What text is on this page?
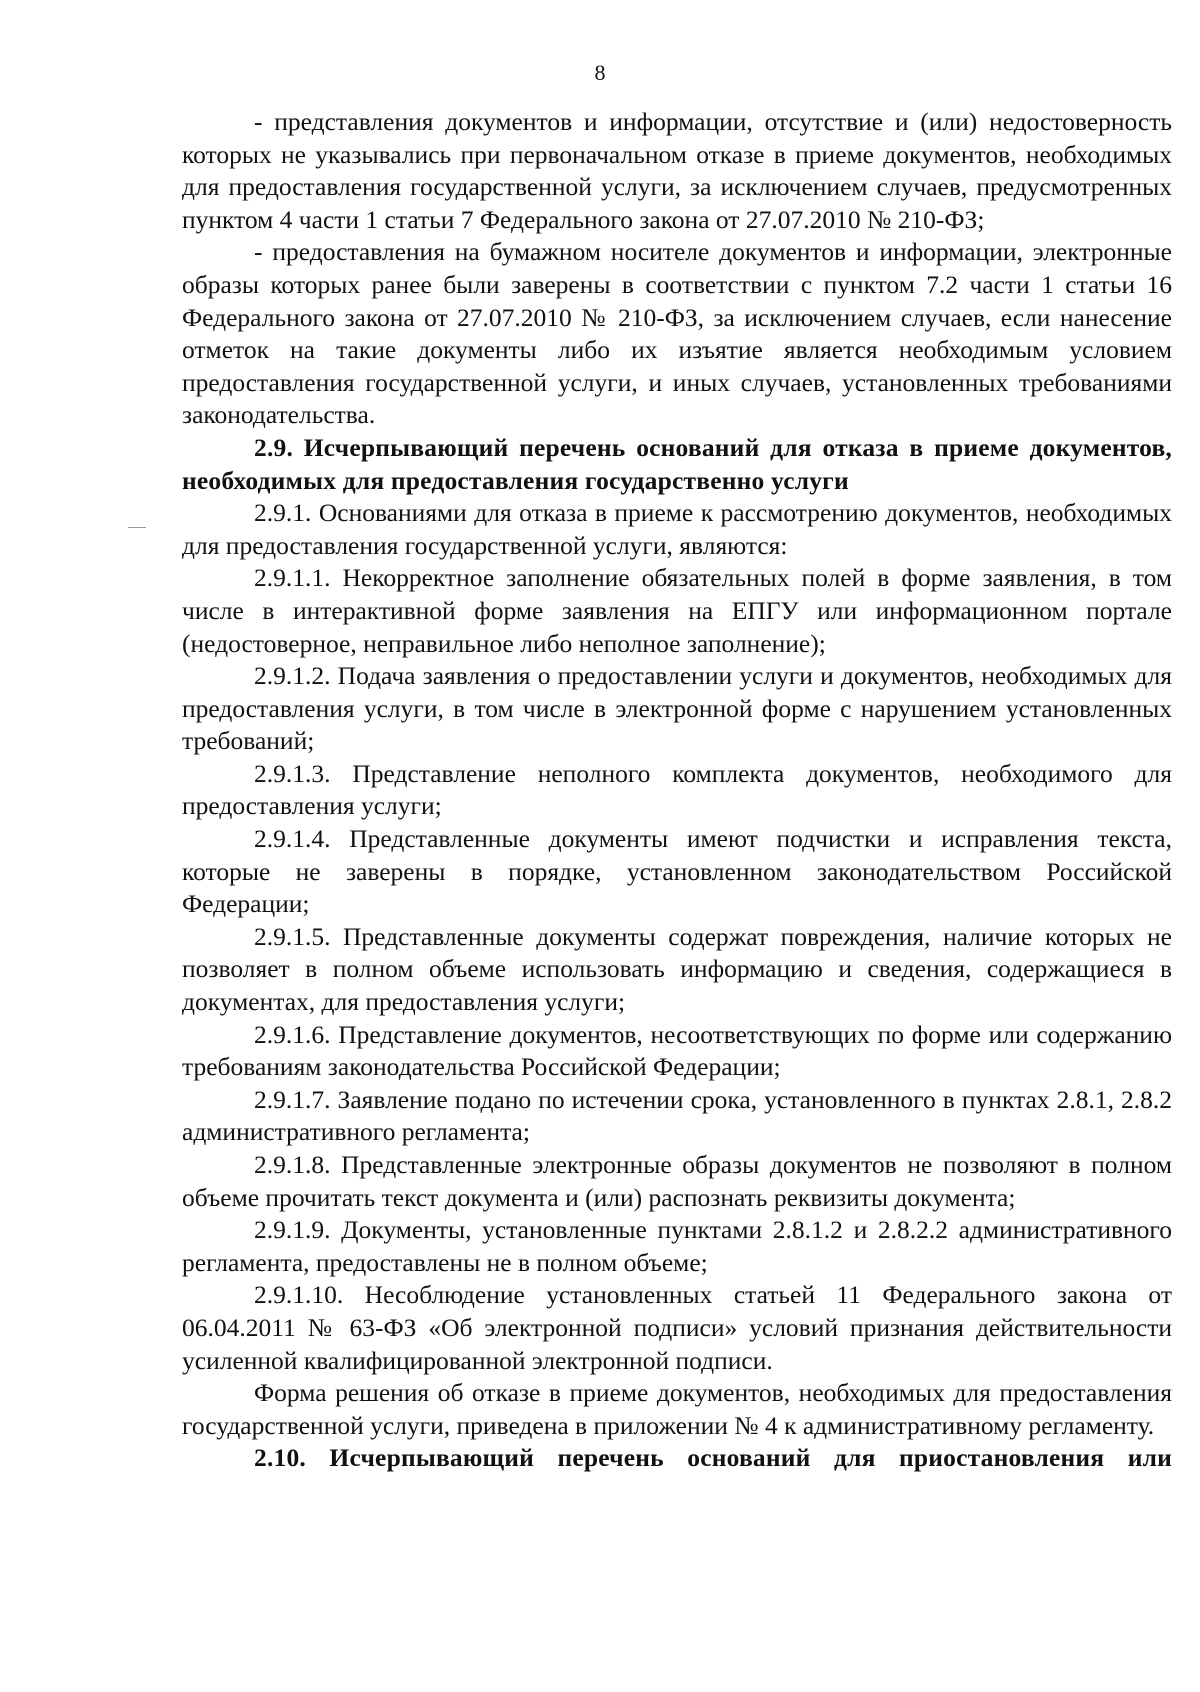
8

- представления документов и информации, отсутствие и (или) недостоверность которых не указывались при первоначальном отказе в приеме документов, необходимых для предоставления государственной услуги, за исключением случаев, предусмотренных пунктом 4 части 1 статьи 7 Федерального закона от 27.07.2010 № 210-ФЗ;

- предоставления на бумажном носителе документов и информации, электронные образы которых ранее были заверены в соответствии с пунктом 7.2 части 1 статьи 16 Федерального закона от 27.07.2010 № 210-ФЗ, за исключением случаев, если нанесение отметок на такие документы либо их изъятие является необходимым условием предоставления государственной услуги, и иных случаев, установленных требованиями законодательства.

2.9. Исчерпывающий перечень оснований для отказа в приеме документов, необходимых для предоставления государственно услуги

2.9.1. Основаниями для отказа в приеме к рассмотрению документов, необходимых для предоставления государственной услуги, являются:

2.9.1.1. Некорректное заполнение обязательных полей в форме заявления, в том числе в интерактивной форме заявления на ЕПГУ или информационном портале (недостоверное, неправильное либо неполное заполнение);

2.9.1.2. Подача заявления о предоставлении услуги и документов, необходимых для предоставления услуги, в том числе в электронной форме с нарушением установленных требований;

2.9.1.3. Представление неполного комплекта документов, необходимого для предоставления услуги;

2.9.1.4. Представленные документы имеют подчистки и исправления текста, которые не заверены в порядке, установленном законодательством Российской Федерации;

2.9.1.5. Представленные документы содержат повреждения, наличие которых не позволяет в полном объеме использовать информацию и сведения, содержащиеся в документах, для предоставления услуги;

2.9.1.6. Представление документов, несоответствующих по форме или содержанию требованиям законодательства Российской Федерации;

2.9.1.7. Заявление подано по истечении срока, установленного в пунктах 2.8.1, 2.8.2 административного регламента;

2.9.1.8. Представленные электронные образы документов не позволяют в полном объеме прочитать текст документа и (или) распознать реквизиты документа;

2.9.1.9. Документы, установленные пунктами 2.8.1.2 и 2.8.2.2 административного регламента, предоставлены не в полном объеме;

2.9.1.10. Несоблюдение установленных статьей 11 Федерального закона от 06.04.2011 № 63-ФЗ «Об электронной подписи» условий признания действительности усиленной квалифицированной электронной подписи.

Форма решения об отказе в приеме документов, необходимых для предоставления государственной услуги, приведена в приложении № 4 к административному регламенту.

2.10. Исчерпывающий перечень оснований для приостановления или
